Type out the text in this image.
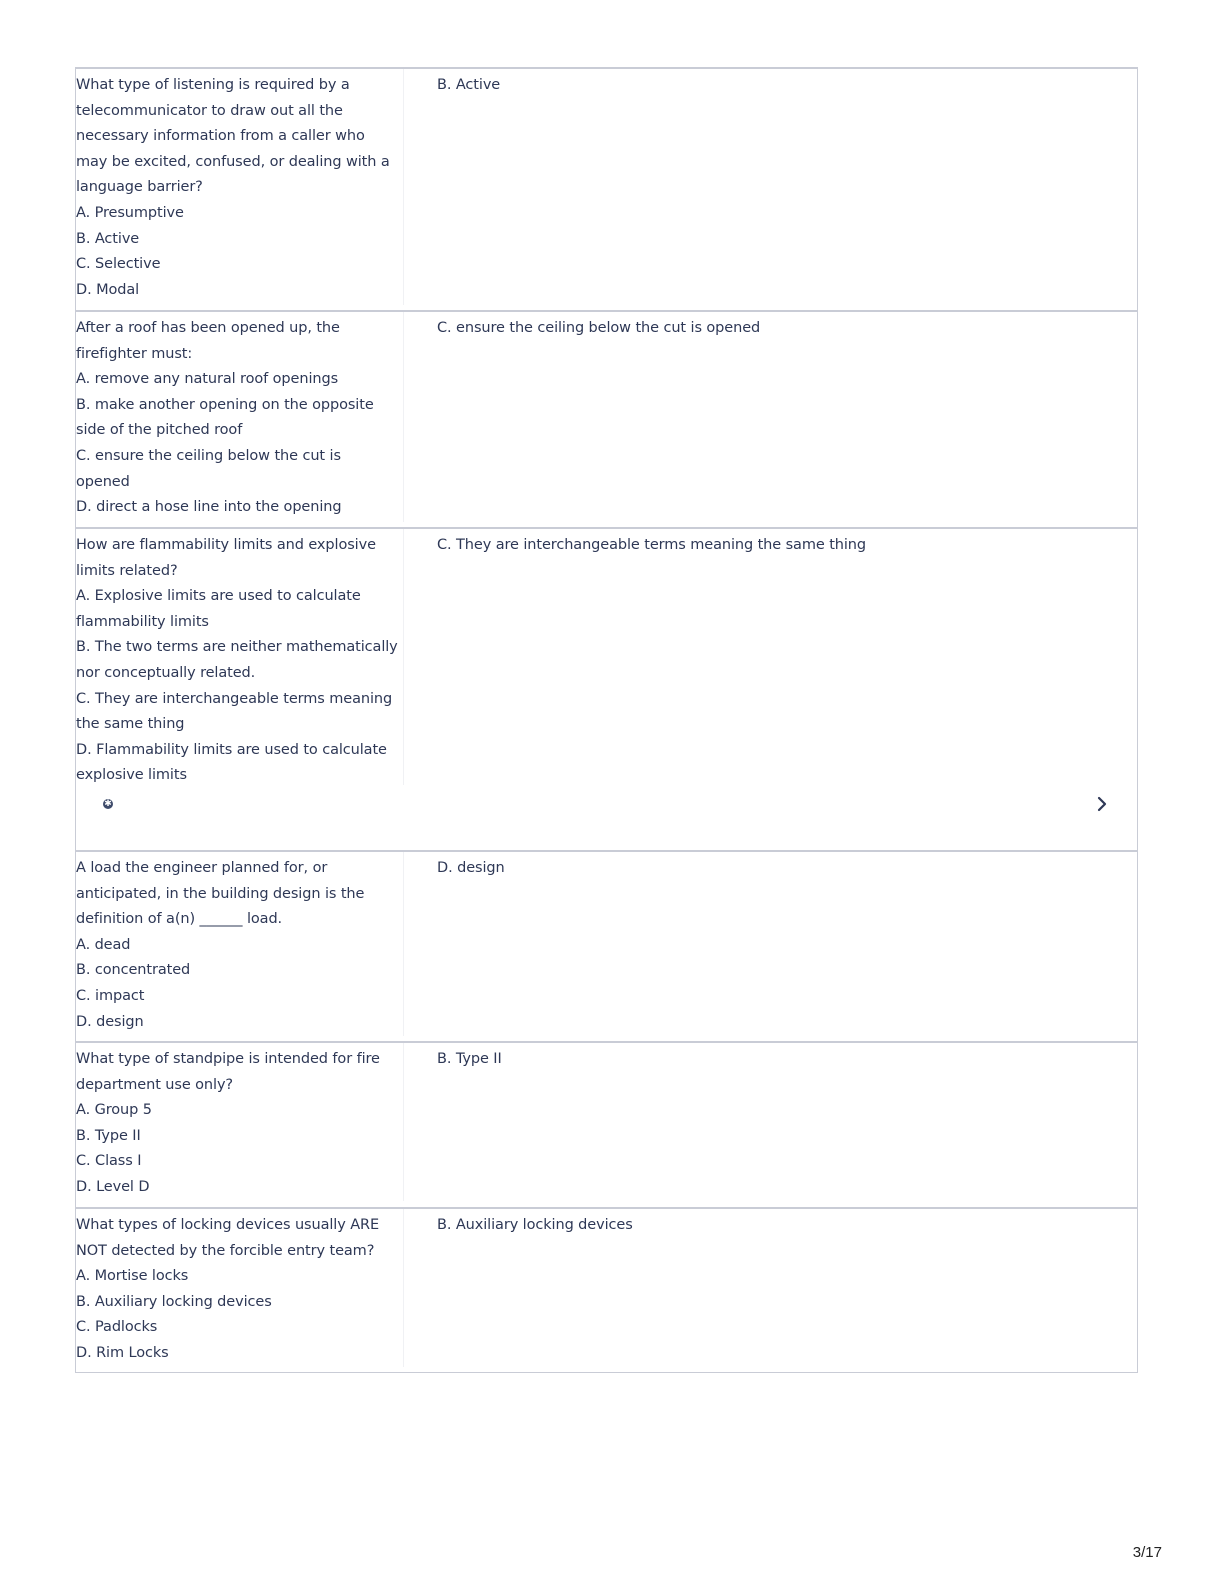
What type of listening is required by a
telecommunicator to draw out all the
necessary information from a caller who
may be excited, confused, or dealing with a
language barrier?
A. Presumptive
B. Active
C. Selective
D. Modal
B. Active
After a roof has been opened up, the
firefighter must:
A. remove any natural roof openings
B. make another opening on the opposite
side of the pitched roof
C. ensure the ceiling below the cut is
opened
D. direct a hose line into the opening
C. ensure the ceiling below the cut is opened
How are flammability limits and explosive
limits related?
A. Explosive limits are used to calculate
flammability limits
B. The two terms are neither mathematically
nor conceptually related.
C. They are interchangeable terms meaning
the same thing
D. Flammability limits are used to calculate
explosive limits
C. They are interchangeable terms meaning the same thing
✱
A load the engineer planned for, or
anticipated, in the building design is the
definition of a(n) ______ load.
A. dead
B. concentrated
C. impact
D. design
D. design
What type of standpipe is intended for fire
department use only?
A. Group 5
B. Type II
C. Class I
D. Level D
B. Type II
What types of locking devices usually ARE
NOT detected by the forcible entry team?
A. Mortise locks
B. Auxiliary locking devices
C. Padlocks
D. Rim Locks
B. Auxiliary locking devices
3/17
